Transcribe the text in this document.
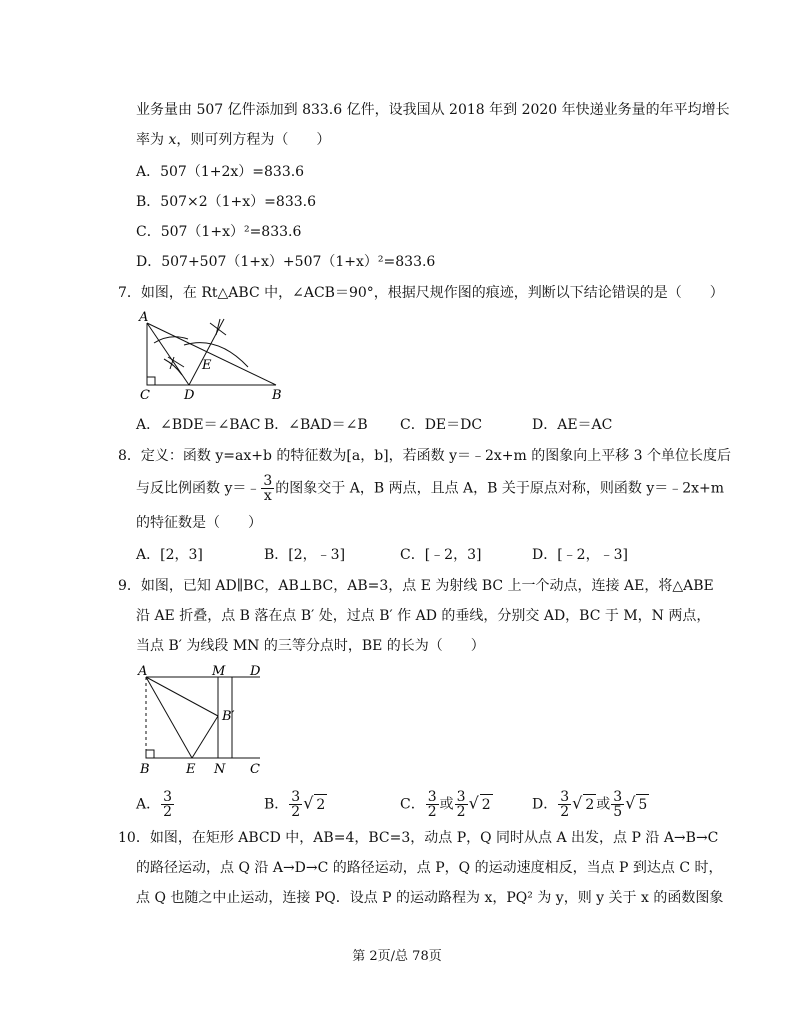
业务量由 507 亿件添加到 833.6 亿件，设我国从 2018 年到 2020 年快递业务量的年平均增长
率为 x，则可列方程为（　　）
A．507（1+2x）=833.6
B．507×2（1+x）=833.6
C．507（1+x）²=833.6
D．507+507（1+x）+507（1+x）²=833.6
7．如图，在 Rt△ABC 中，∠ACB＝90°，根据尺规作图的痕迹，判断以下结论错误的是（　　）
A
C	D
E
B
A．∠BDE＝∠BAC B．∠BAD＝∠B C．DE＝DC	D．AE＝AC
8．定义：函数 y=ax+b 的特征数为[a，b]，若函数 y＝﹣2x+m 的图象向上平移 3 个单位长度后
与反比例函数 y＝﹣ $\frac{3}{x}$ 的图象交于 A，B 两点，且点 A，B 关于原点对称，则函数 y＝﹣2x+m
的特征数是（　　）
A．[2，3]	B．[2，﹣3]	C．[﹣2，3]	D．[﹣2，﹣3]
9．如图，已知 AD∥BC，AB⊥BC，AB=3，点 E 为射线 BC 上一个动点，连接 AE，将△ABE
沿 AE 折叠，点 B 落在点 B′ 处，过点 B′ 作 AD 的垂线，分别交 AD，BC 于 M，N 两点，
当点 B′ 为线段 MN 的三等分点时，BE 的长为（　　）
A	M D
B′
B	E N C
A． $\frac{3}{2}$	B． $\frac{3}{2}$ √ 2	C． $\frac{3}{2}$ 或 $\frac{3}{2}$ √ 2	D． $\frac{3}{2}$ √ 2 或 $\frac{3}{5}$ √ 5
10．如图，在矩形 ABCD 中，AB=4，BC=3，动点 P，Q 同时从点 A 出发，点 P 沿 A→B→C
的路径运动，点 Q 沿 A→D→C 的路径运动，点 P，Q 的运动速度相反，当点 P 到达点 C 时，
点 Q 也随之中止运动，连接 PQ．设点 P 的运动路程为 x，PQ² 为 y，则 y 关于 x 的函数图象
第 2页/总 78页
